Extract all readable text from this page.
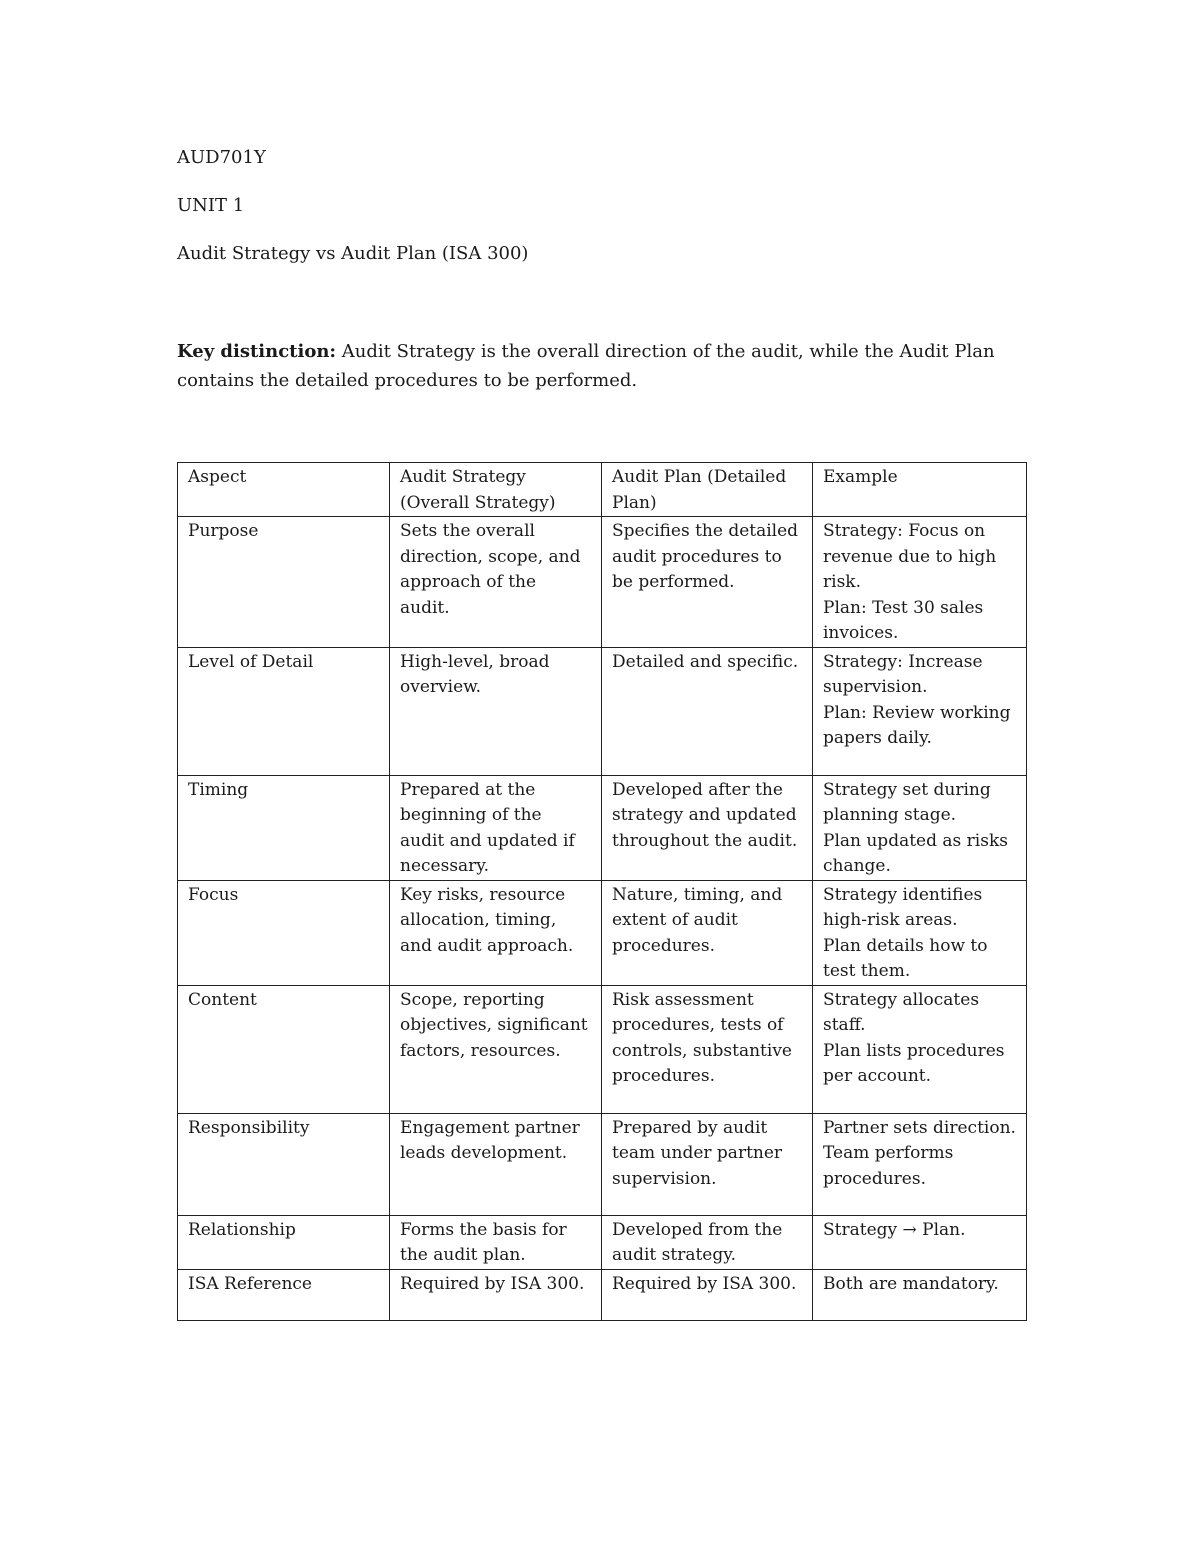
AUD701Y
UNIT 1
Audit Strategy vs Audit Plan (ISA 300)
Key distinction: Audit Strategy is the overall direction of the audit, while the Audit Plan contains the detailed procedures to be performed.
Aspect	Audit Strategy (Overall Strategy)	Audit Plan (Detailed Plan)	Example
Purpose	Sets the overall direction, scope, and approach of the audit.	Specifies the detailed audit procedures to be performed.	Strategy: Focus on revenue due to high risk.
Plan: Test 30 sales invoices.
Level of Detail	High-level, broad overview.	Detailed and specific.	Strategy: Increase supervision.
Plan: Review working papers daily.
Timing	Prepared at the beginning of the audit and updated if necessary.	Developed after the strategy and updated throughout the audit.	Strategy set during planning stage.
Plan updated as risks change.
Focus	Key risks, resource allocation, timing, and audit approach.	Nature, timing, and extent of audit procedures.	Strategy identifies high-risk areas.
Plan details how to test them.
Content	Scope, reporting objectives, significant factors, resources.	Risk assessment procedures, tests of controls, substantive procedures.	Strategy allocates staff.
Plan lists procedures per account.
Responsibility	Engagement partner leads development.	Prepared by audit team under partner supervision.	Partner sets direction.
Team performs procedures.
Relationship	Forms the basis for the audit plan.	Developed from the audit strategy.	Strategy → Plan.
ISA Reference	Required by ISA 300.	Required by ISA 300.	Both are mandatory.
